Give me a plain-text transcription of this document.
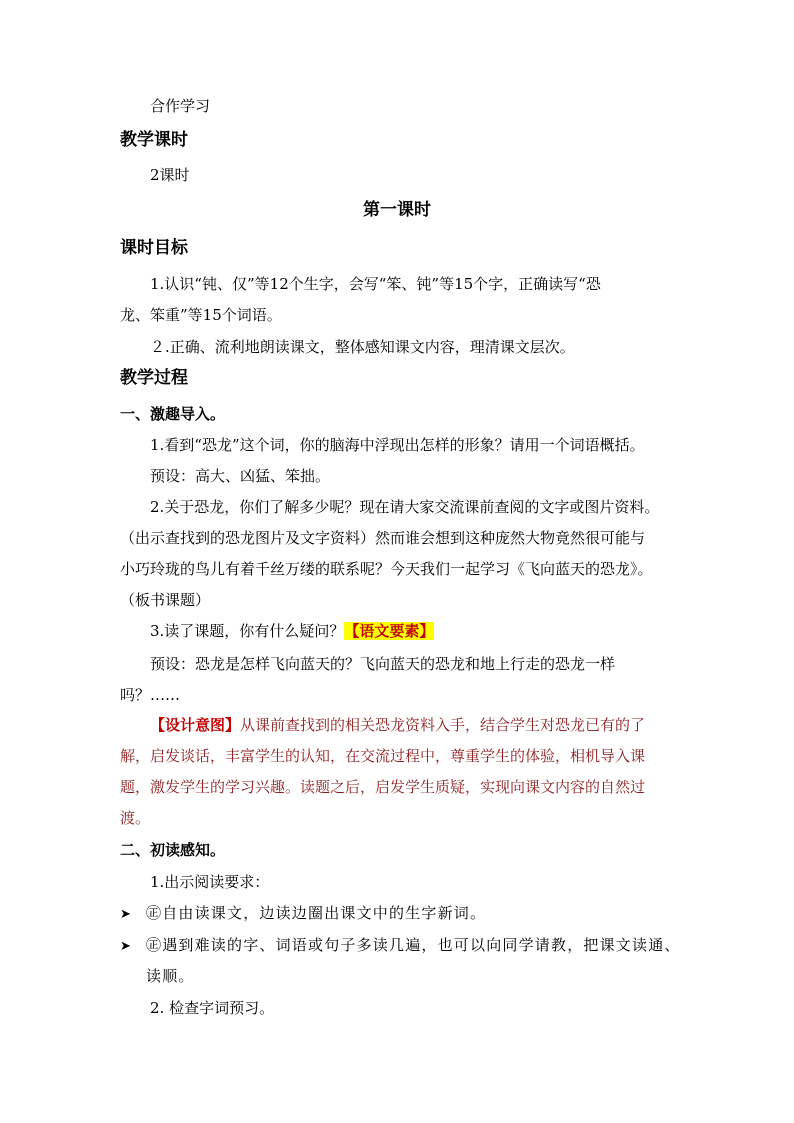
合作学习
教学课时
2课时
第一课时
课时目标
1.认识“钝、仅”等12个生字，会写“笨、钝”等15个字，正确读写“恐
龙、笨重”等15个词语。
２.正确、流利地朗读课文，整体感知课文内容，理清课文层次。
教学过程
一、激趣导入。
1.看到“恐龙”这个词，你的脑海中浮现出怎样的形象？请用一个词语概括。
预设：高大、凶猛、笨拙。
2.关于恐龙，你们了解多少呢？现在请大家交流课前查阅的文字或图片资料。
（出示查找到的恐龙图片及文字资料）然而谁会想到这种庞然大物竟然很可能与
小巧玲珑的鸟儿有着千丝万缕的联系呢？今天我们一起学习《飞向蓝天的恐龙》。
（板书课题）
3.读了课题，你有什么疑问？【语文要素】
预设：恐龙是怎样飞向蓝天的？飞向蓝天的恐龙和地上行走的恐龙一样
吗？……
【设计意图】从课前查找到的相关恐龙资料入手，结合学生对恐龙已有的了
解，启发谈话，丰富学生的认知，在交流过程中，尊重学生的体验，相机导入课
题，激发学生的学习兴趣。读题之后，启发学生质疑，实现向课文内容的自然过
渡。
二、初读感知。
1.出示阅读要求：
➤ ㊣自由读课文，边读边圈出课文中的生字新词。
➤ ㊣遇到难读的字、词语或句子多读几遍，也可以向同学请教，把课文读通、
读顺。
2. 检查字词预习。
